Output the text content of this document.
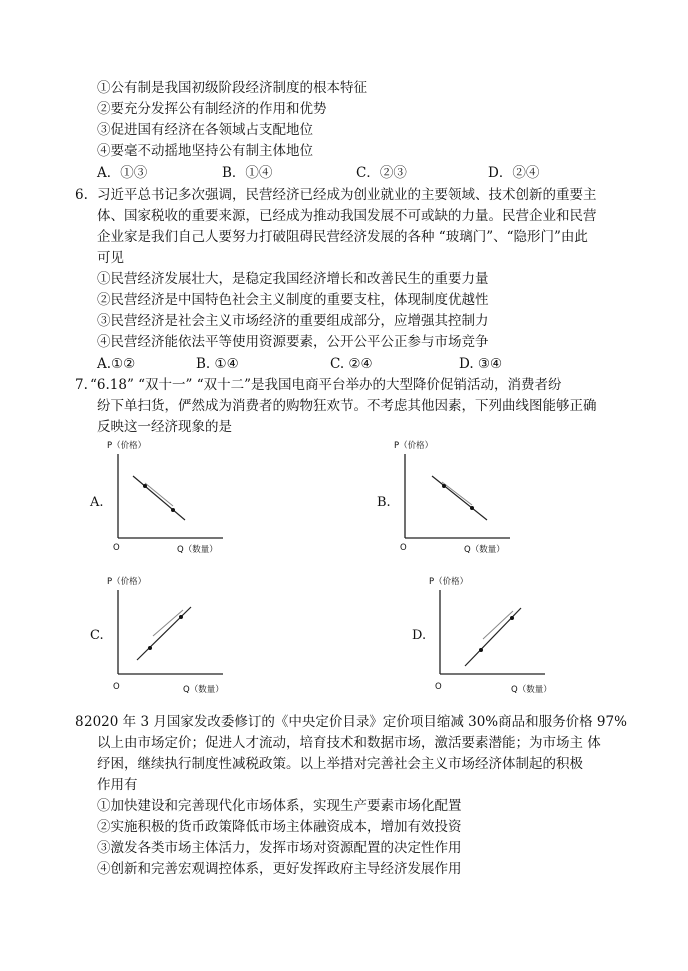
①公有制是我国初级阶段经济制度的根本特征
②要充分发挥公有制经济的作用和优势
③促进国有经济在各领域占支配地位
④要毫不动摇地坚持公有制主体地位
A．①③	B．①④	C．②③	D．②④
6. 习近平总书记多次强调，民营经济已经成为创业就业的主要领域、技术创新的重要主
体、国家税收的重要来源，已经成为推动我国发展不可或缺的力量。民营企业和民营
企业家是我们自己人要努力打破阻碍民营经济发展的各种 “玻璃门”、“隐形门”由此
可见
①民营经济发展壮大，是稳定我国经济增长和改善民生的重要力量
②民营经济是中国特色社会主义制度的重要支柱，体现制度优越性
③民营经济是社会主义市场经济的重要组成部分，应增强其控制力
④民营经济能依法平等使用资源要素，公开公平公正参与市场竞争
A.①②	B. ①④	C. ②④	D. ③④
7. “6.18” “双十一” “双十二”是我国电商平台举办的大型降价促销活动，消费者纷
纷下单扫货，俨然成为消费者的购物狂欢节。不考虑其他因素，下列曲线图能够正确
反映这一经济现象的是
A.
P（价格）
O	Q（数量）
B.
P（价格）
O	Q（数量）
C.
P（价格）
O	Q（数量）
D.
P（价格）
O	Q（数量）
8 2020 年 3 月国家发改委修订的《中央定价目录》定价项目缩减 30%商品和服务价格 97%
以上由市场定价；促进人才流动，培育技术和数据市场，激活要素潜能；为市场主 体
纾困，继续执行制度性减税政策。以上举措对完善社会主义市场经济体制起的积极
作用有
①加快建设和完善现代化市场体系，实现生产要素市场化配置
②实施积极的货币政策降低市场主体融资成本，增加有效投资
③激发各类市场主体活力，发挥市场对资源配置的决定性作用
④创新和完善宏观调控体系，更好发挥政府主导经济发展作用
